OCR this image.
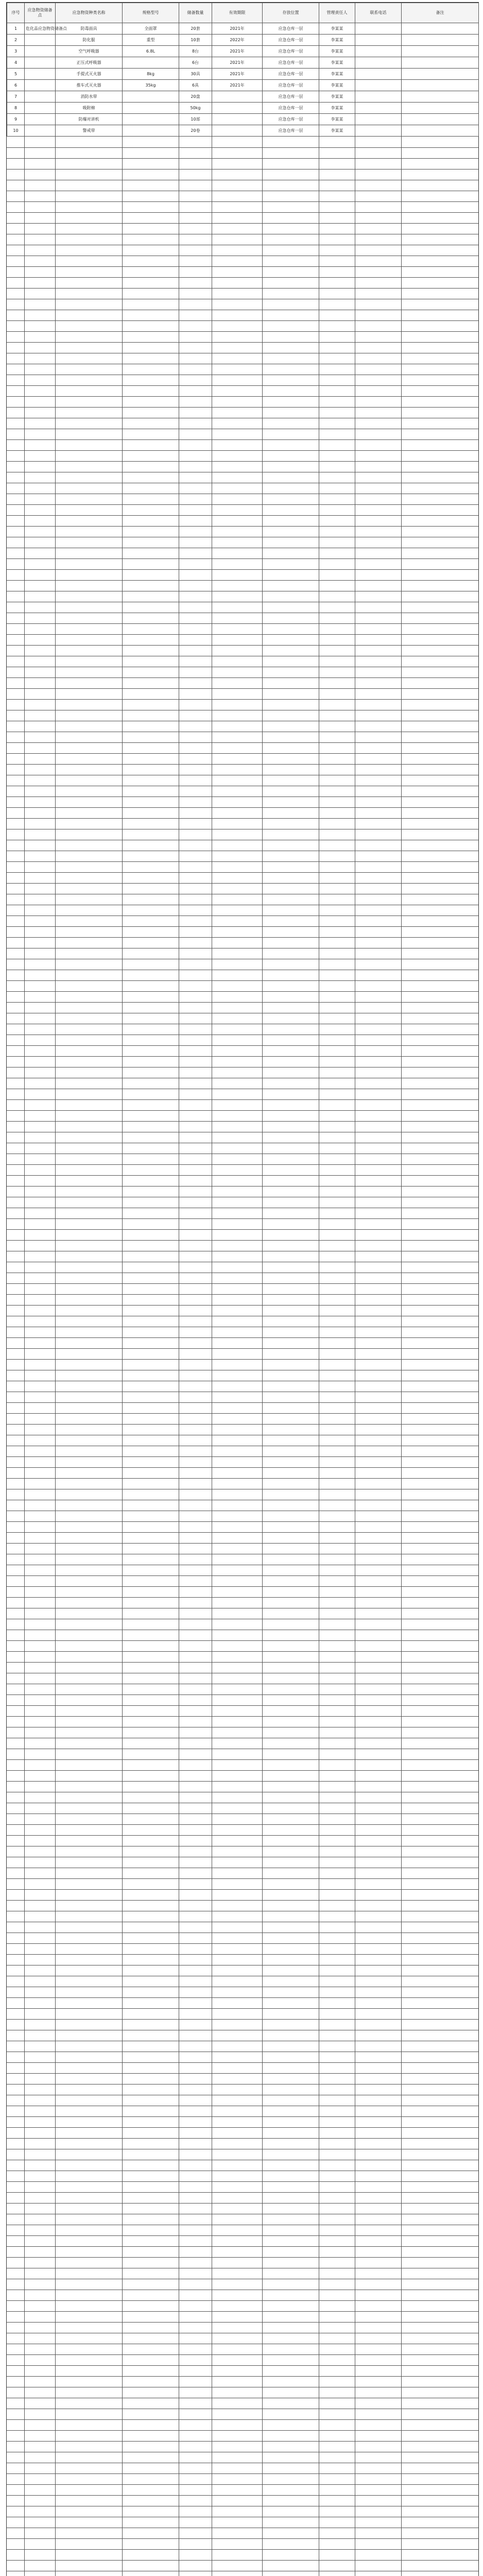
序号	应急物资储备点	应急物资种类名称	规格型号	储备数量	有效期限	存放位置	管理责任人	联系电话	备注
1	危化品应急物资储备点	防毒面具	全面罩	20套	2021年	应急仓库一层	李某某		
2		防化服	重型	10套	2022年	应急仓库一层	李某某		
3		空气呼吸器	6.8L	8台	2021年	应急仓库一层	李某某		
4		正压式呼吸器		6台	2021年	应急仓库一层	李某某		
5		手提式灭火器	8kg	30具	2021年	应急仓库一层	李某某		
6		推车式灭火器	35kg	6具	2021年	应急仓库一层	李某某		
7		消防水带		20盘		应急仓库一层	李某某		
8		吸附棉		50kg		应急仓库一层	李某某		
9		防爆对讲机		10部		应急仓库一层	李某某		
10		警戒带		20卷		应急仓库一层	李某某		
